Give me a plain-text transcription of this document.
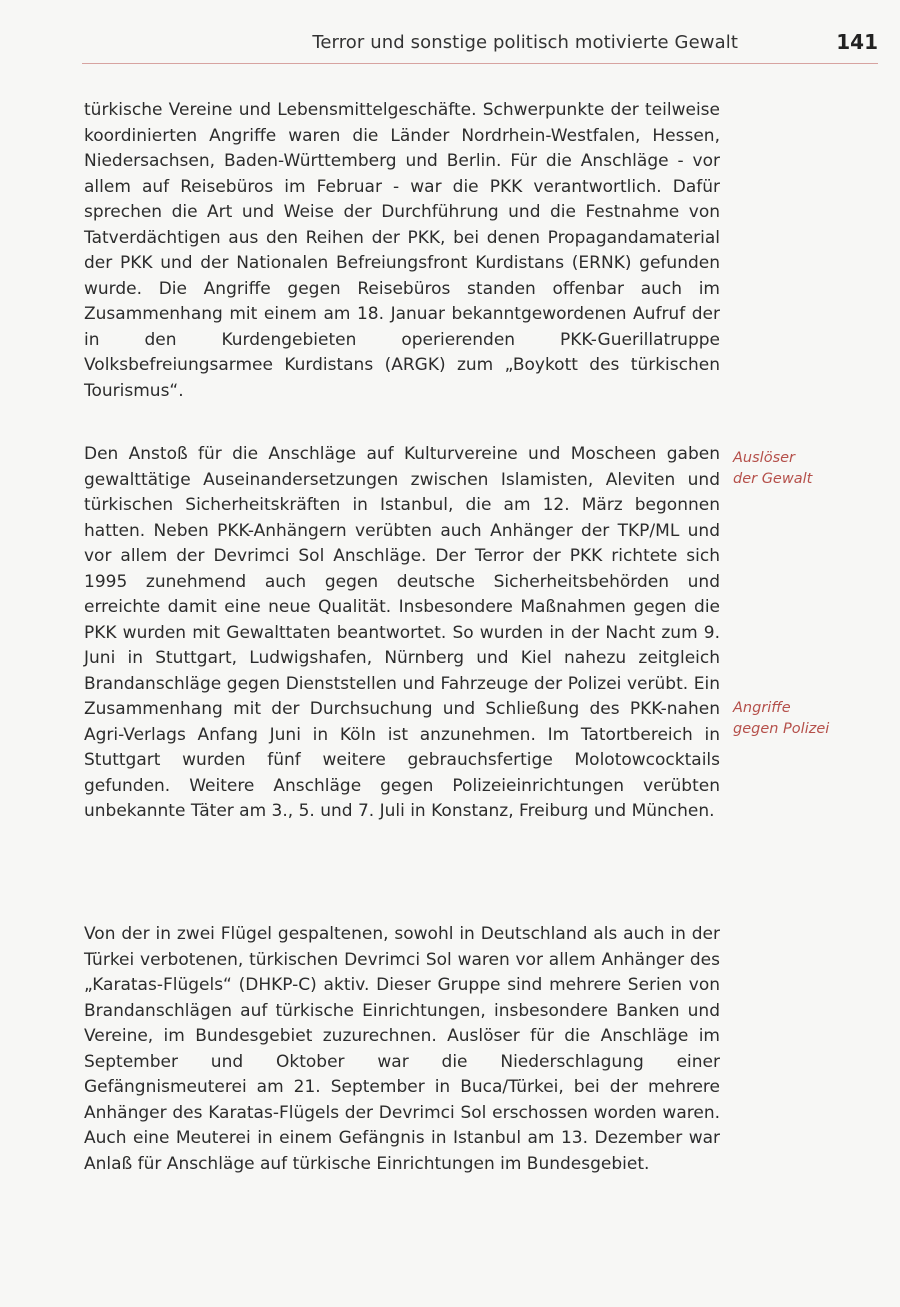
Terror und sonstige politisch motivierte Gewalt	141

türkische Vereine und Lebensmittelgeschäfte. Schwerpunkte der teilweise koordinierten Angriffe waren die Länder Nordrhein-Westfalen, Hessen, Niedersachsen, Baden-Württemberg und Berlin. Für die Anschläge - vor allem auf Reisebüros im Februar - war die PKK verantwortlich. Dafür sprechen die Art und Weise der Durchführung und die Festnahme von Tatverdächtigen aus den Reihen der PKK, bei denen Propagandamaterial der PKK und der Nationalen Befreiungsfront Kurdistans (ERNK) gefunden wurde. Die Angriffe gegen Reisebüros standen offenbar auch im Zusammenhang mit einem am 18. Januar bekanntgewordenen Aufruf der in den Kurdengebieten operierenden PKK-Guerillatruppe Volksbefreiungsarmee Kurdistans (ARGK) zum „Boykott des türkischen Tourismus“.

Den Anstoß für die Anschläge auf Kulturvereine und Moscheen gaben gewalttätige Auseinandersetzungen zwischen Islamisten, Aleviten und türkischen Sicherheitskräften in Istanbul, die am 12. März begonnen hatten. Neben PKK-Anhängern verübten auch Anhänger der TKP/ML und vor allem der Devrimci Sol Anschläge. Der Terror der PKK richtete sich 1995 zunehmend auch gegen deutsche Sicherheitsbehörden und erreichte damit eine neue Qualität. Insbesondere Maßnahmen gegen die PKK wurden mit Gewalttaten beantwortet. So wurden in der Nacht zum 9. Juni in Stuttgart, Ludwigshafen, Nürnberg und Kiel nahezu zeitgleich Brandanschläge gegen Dienststellen und Fahrzeuge der Polizei verübt. Ein Zusammenhang mit der Durchsuchung und Schließung des PKK-nahen Agri-Verlags Anfang Juni in Köln ist anzunehmen. Im Tatortbereich in Stuttgart wurden fünf weitere gebrauchsfertige Molotowcocktails gefunden. Weitere Anschläge gegen Polizeieinrichtungen verübten unbekannte Täter am 3., 5. und 7. Juli in Konstanz, Freiburg und München.

Von der in zwei Flügel gespaltenen, sowohl in Deutschland als auch in der Türkei verbotenen, türkischen Devrimci Sol waren vor allem Anhänger des „Karatas-Flügels“ (DHKP-C) aktiv. Dieser Gruppe sind mehrere Serien von Brandanschlägen auf türkische Einrichtungen, insbesondere Banken und Vereine, im Bundesgebiet zuzurechnen. Auslöser für die Anschläge im September und Oktober war die Niederschlagung einer Gefängnismeuterei am 21. September in Buca/Türkei, bei der mehrere Anhänger des Karatas-Flügels der Devrimci Sol erschossen worden waren. Auch eine Meuterei in einem Gefängnis in Istanbul am 13. Dezember war Anlaß für Anschläge auf türkische Einrichtungen im Bundesgebiet.

Auslöser
der Gewalt
Angriffe
gegen Polizei
